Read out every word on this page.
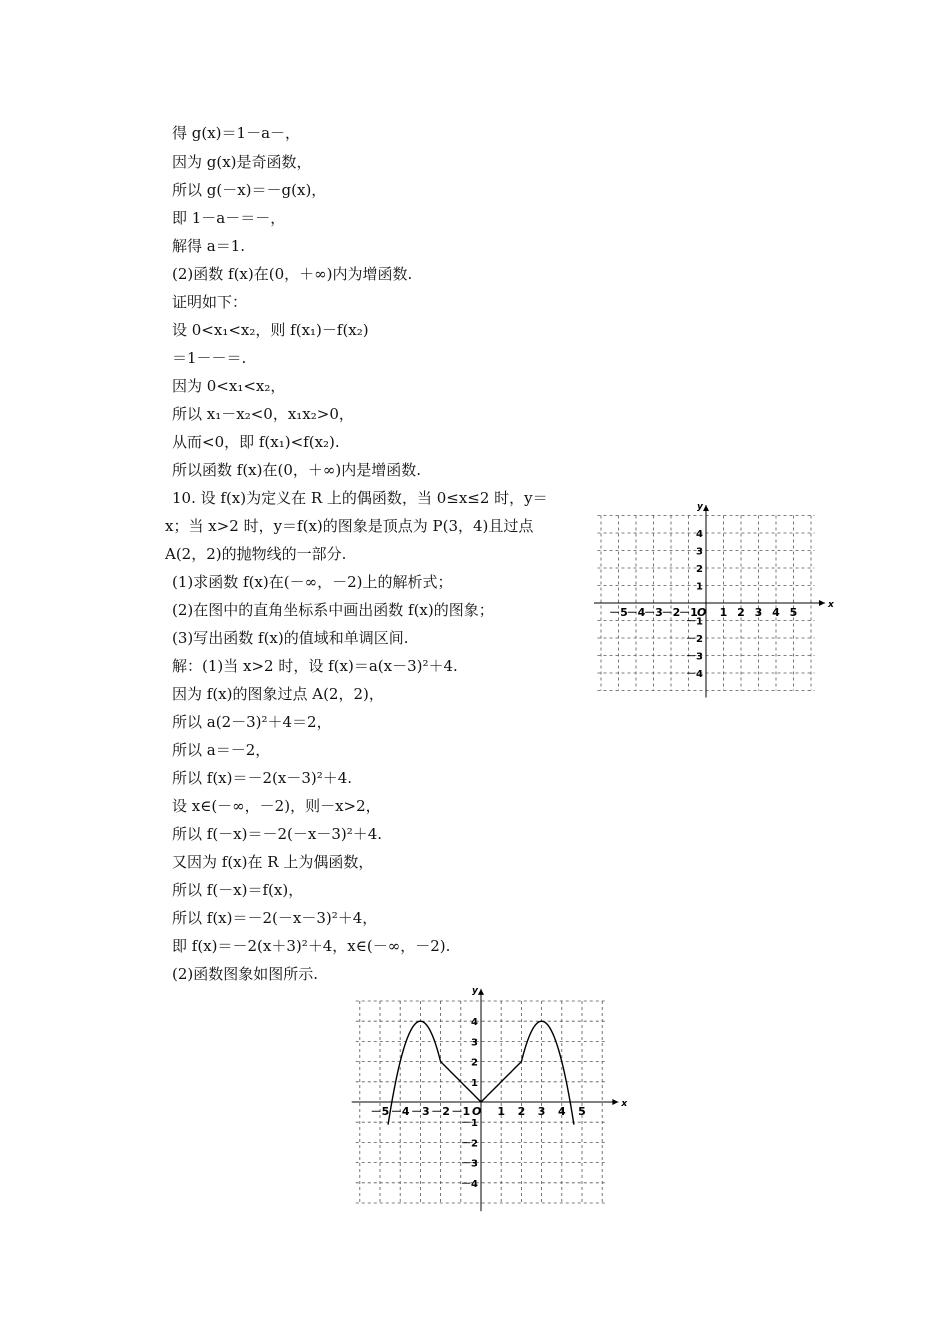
得 g(x)＝1－a－，
因为 g(x)是奇函数，
所以 g(－x)＝－g(x)，
即 1－a－＝－，
解得 a＝1.
(2)函数 f(x)在(0，＋∞)内为增函数.
证明如下：
设 0<x₁<x₂，则 f(x₁)－f(x₂)
＝1－－＝.
因为 0<x₁<x₂，
所以 x₁－x₂<0，x₁x₂>0，
从而<0，即 f(x₁)<f(x₂).
所以函数 f(x)在(0，＋∞)内是增函数.
10. 设 f(x)为定义在 R 上的偶函数，当 0≤x≤2 时，y＝
x；当 x>2 时，y＝f(x)的图象是顶点为 P(3，4)且过点
A(2，2)的抛物线的一部分.
(1)求函数 f(x)在(－∞，－2)上的解析式；
(2)在图中的直角坐标系中画出函数 f(x)的图象；
(3)写出函数 f(x)的值域和单调区间.
解：(1)当 x>2 时，设 f(x)＝a(x－3)²＋4.
因为 f(x)的图象过点 A(2，2)，
所以 a(2－3)²＋4＝2，
所以 a＝－2，
所以 f(x)＝－2(x－3)²＋4.
设 x∈(－∞，－2)，则－x>2，
所以 f(－x)＝－2(－x－3)²＋4.
又因为 f(x)在 R 上为偶函数，
所以 f(－x)＝f(x)，
所以 f(x)＝－2(－x－3)²＋4，
即 f(x)＝－2(x＋3)²＋4，x∈(－∞，－2).
(2)函数图象如图所示.
x
y
O
－5
－4
－3
－2
－1 1 2 3 4 5
4
3
2
1
－1
－2
－3
－4
x
y
O
－5 －4 －3 －2 －1 1 2 3 4 5
4
3
2
1
－1
－2
－3
－4
